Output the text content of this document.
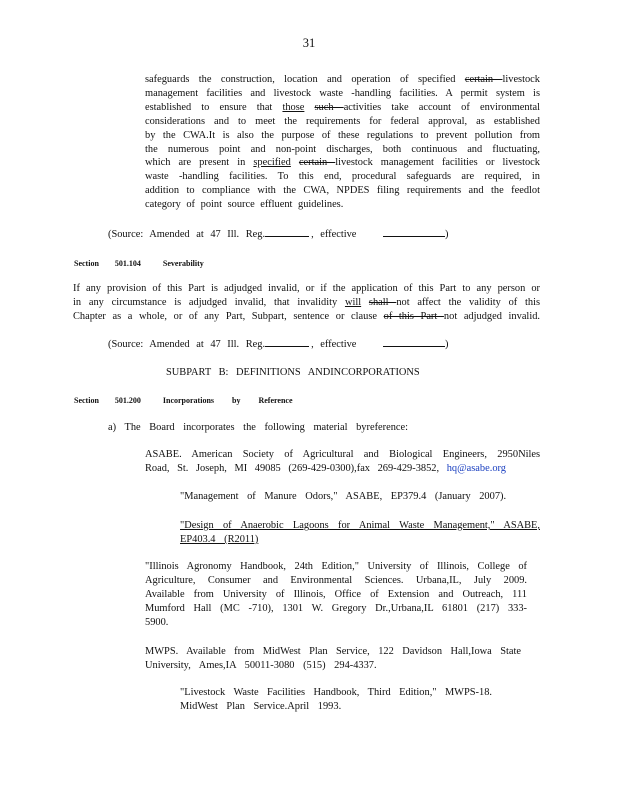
31
safeguards the construction, location and operation of specified certain livestock
management facilities and livestock waste -handling facilities. A permit system is
established to ensure that those such activities take account of environmental
considerations and to meet the requirements for federal approval, as established
by the CWA.It is also the purpose of these regulations to prevent pollution from
the numerous point and non-point discharges, both continuous and fluctuating,
which are present in specified certain livestock management facilities or livestock
waste -handling facilities. To this end, procedural safeguards are required, in
addition to compliance with the CWA, NPDES filing requirements and the feedlot
category of point source effluent guidelines.
(Source: Amended at 47 Ill. Reg.	, effective	)
Section 501.104	Severability
If any provision of this Part is adjudged invalid, or if the application of this Part to any person or
in any circumstance is adjudged invalid, that invalidity will shall not affect the validity of this
Chapter as a whole, or of any Part, Subpart, sentence or clause of this Part not adjudged invalid.
(Source: Amended at 47 Ill. Reg.	, effective	)
SUBPART B: DEFINITIONS ANDINCORPORATIONS
Section 501.200	Incorporations by Reference
a) The Board incorporates the following material byreference:
ASABE. American Society of Agricultural and Biological Engineers, 2950Niles
Road, St. Joseph, MI 49085 (269-429-0300),fax 269-429-3852, hq@asabe.org
"Management of Manure Odors," ASABE, EP379.4 (January 2007).
"Design of Anaerobic Lagoons for Animal Waste Management," ASABE,
EP403.4 (R2011)
"Illinois Agronomy Handbook, 24th Edition," University of Illinois, College of
Agriculture, Consumer and Environmental Sciences. Urbana,IL, July 2009.
Available from University of Illinois, Office of Extension and Outreach, 111
Mumford Hall (MC -710), 1301 W. Gregory Dr.,Urbana,IL 61801 (217) 333-
5900.
MWPS. Available from MidWest Plan Service, 122 Davidson Hall,Iowa State
University, Ames,IA 50011-3080 (515) 294-4337.
"Livestock Waste Facilities Handbook, Third Edition," MWPS-18.
MidWest Plan Service.April 1993.
